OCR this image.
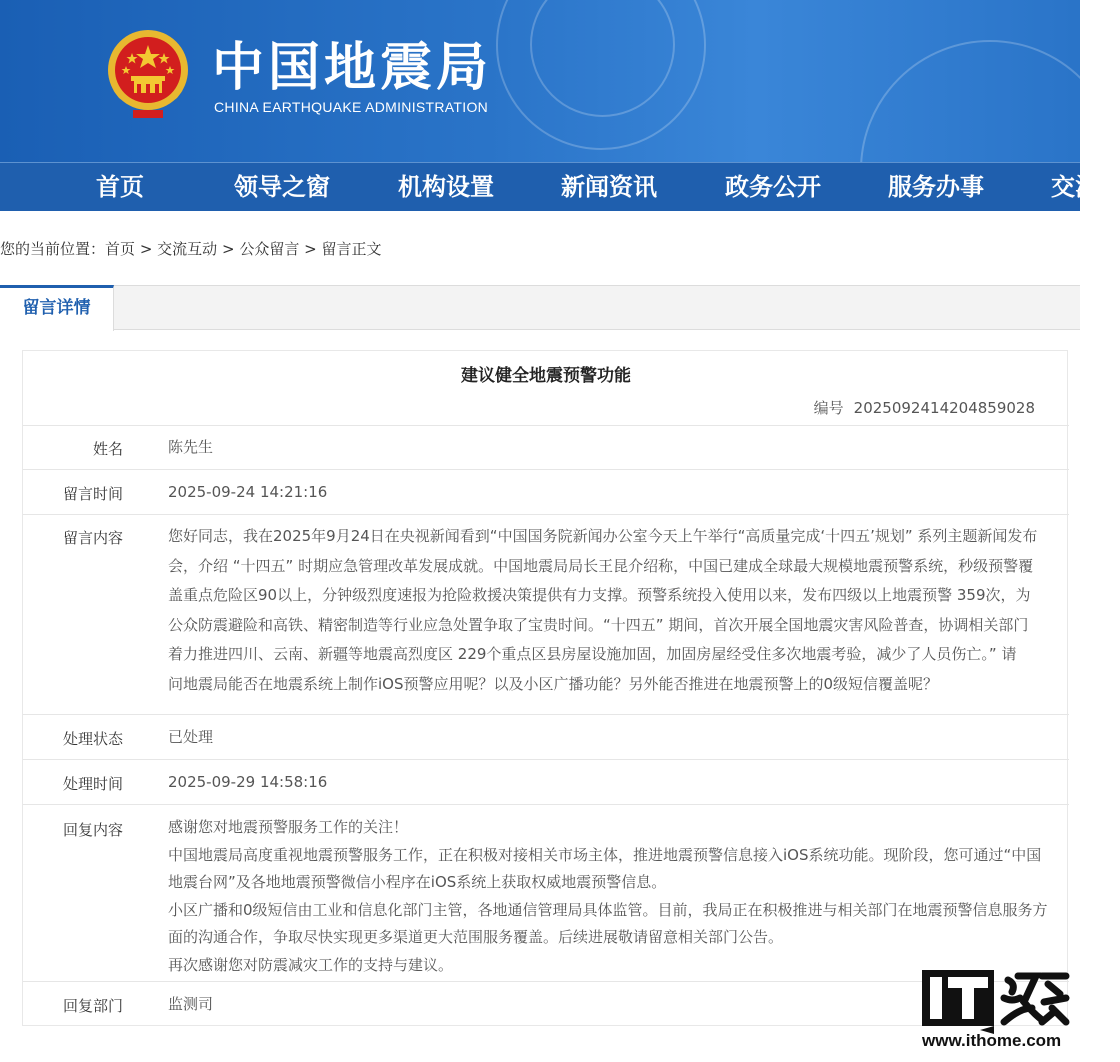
中国地震局
CHINA EARTHQUAKE ADMINISTRATION
首页	领导之窗	机构设置	新闻资讯	政务公开	服务办事	交流
您的当前位置：首页 > 交流互动 > 公众留言 > 留言正文
留言详情
建议健全地震预警功能
编号 2025092414204859028
姓名	陈先生
留言时间	2025-09-24 14:21:16
留言内容	您好同志，我在2025年9月24日在央视新闻看到“中国国务院新闻办公室今天上午举行“高质量完成‘十四五’规划” 系列主题新闻发布
会，介绍 “十四五” 时期应急管理改革发展成就。中国地震局局长王昆介绍称，中国已建成全球最大规模地震预警系统，秒级预警覆
盖重点危险区90以上，分钟级烈度速报为抢险救援决策提供有力支撑。预警系统投入使用以来，发布四级以上地震预警 359次，为
公众防震避险和高铁、精密制造等行业应急处置争取了宝贵时间。“十四五” 期间，首次开展全国地震灾害风险普查，协调相关部门
着力推进四川、云南、新疆等地震高烈度区 229个重点区县房屋设施加固，加固房屋经受住多次地震考验，减少了人员伤亡。” 请
问地震局能否在地震系统上制作iOS预警应用呢？以及小区广播功能？另外能否推进在地震预警上的0级短信覆盖呢？
处理状态	已处理
处理时间	2025-09-29 14:58:16
回复内容	感谢您对地震预警服务工作的关注！
中国地震局高度重视地震预警服务工作，正在积极对接相关市场主体，推进地震预警信息接入iOS系统功能。现阶段，您可通过“中国
地震台网”及各地地震预警微信小程序在iOS系统上获取权威地震预警信息。
小区广播和0级短信由工业和信息化部门主管，各地通信管理局具体监管。目前，我局正在积极推进与相关部门在地震预警信息服务方
面的沟通合作，争取尽快实现更多渠道更大范围服务覆盖。后续进展敬请留意相关部门公告。
再次感谢您对防震减灾工作的支持与建议。
回复部门	监测司
www.ithome.com
